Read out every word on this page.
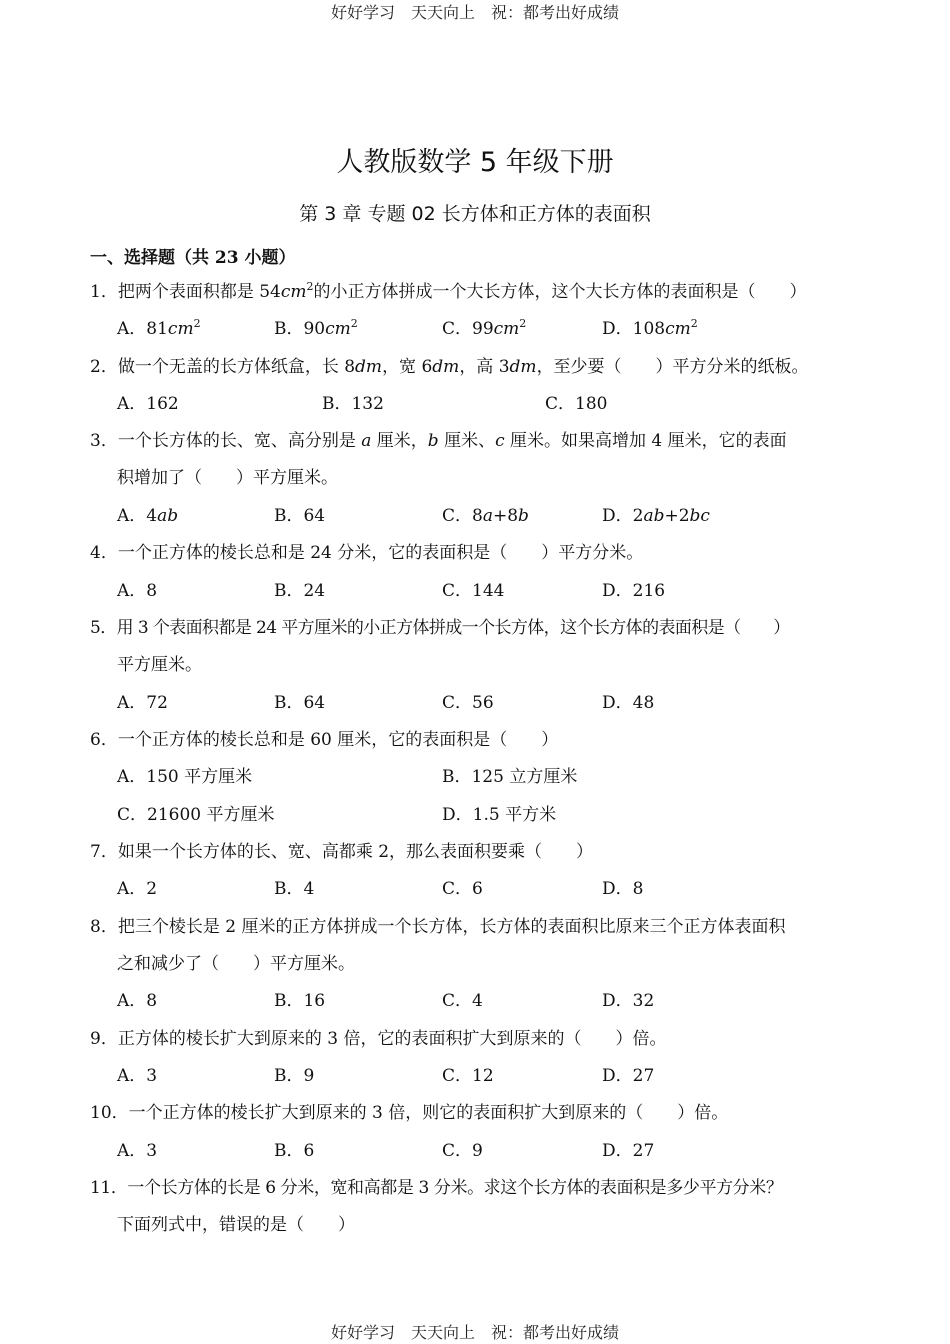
好好学习　天天向上　祝：都考出好成绩
人教版数学 5 年级下册
第 3 章 专题 02 长方体和正方体的表面积
一、选择题（共 23 小题）
1．把两个表面积都是 $54cm^2$的小正方体拼成一个大长方体，这个大长方体的表面积是（　　）
A．$81cm^2$	B．$90cm^2$	C．$99cm^2$	D．$108cm^2$
2．做一个无盖的长方体纸盒，长 8dm，宽 6dm，高 3dm，至少要（　　）平方分米的纸板。
A．162	B．132	C．180
3．一个长方体的长、宽、高分别是 a 厘米，b 厘米、c 厘米。如果高增加 4 厘米，它的表面
积增加了（　　）平方厘米。
A．4ab	B．64	C．8a+8b	D．2ab+2bc
4．一个正方体的棱长总和是 24 分米，它的表面积是（　　）平方分米。
A．8	B．24	C．144	D．216
5．用 3 个表面积都是 24 平方厘米的小正方体拼成一个长方体，这个长方体的表面积是（　　）
平方厘米。
A．72	B．64	C．56	D．48
6．一个正方体的棱长总和是 60 厘米，它的表面积是（　　）
A．150 平方厘米	B．125 立方厘米
C．21600 平方厘米	D．1.5 平方米
7．如果一个长方体的长、宽、高都乘 2，那么表面积要乘（　　）
A．2	B．4	C．6	D．8
8．把三个棱长是 2 厘米的正方体拼成一个长方体，长方体的表面积比原来三个正方体表面积
之和减少了（　　）平方厘米。
A．8	B．16	C．4	D．32
9．正方体的棱长扩大到原来的 3 倍，它的表面积扩大到原来的（　　）倍。
A．3	B．9	C．12	D．27
10．一个正方体的棱长扩大到原来的 3 倍，则它的表面积扩大到原来的（　　）倍。
A．3	B．6	C．9	D．27
11．一个长方体的长是 6 分米，宽和高都是 3 分米。求这个长方体的表面积是多少平方分米？
下面列式中，错误的是（　　）
好好学习　天天向上　祝：都考出好成绩
